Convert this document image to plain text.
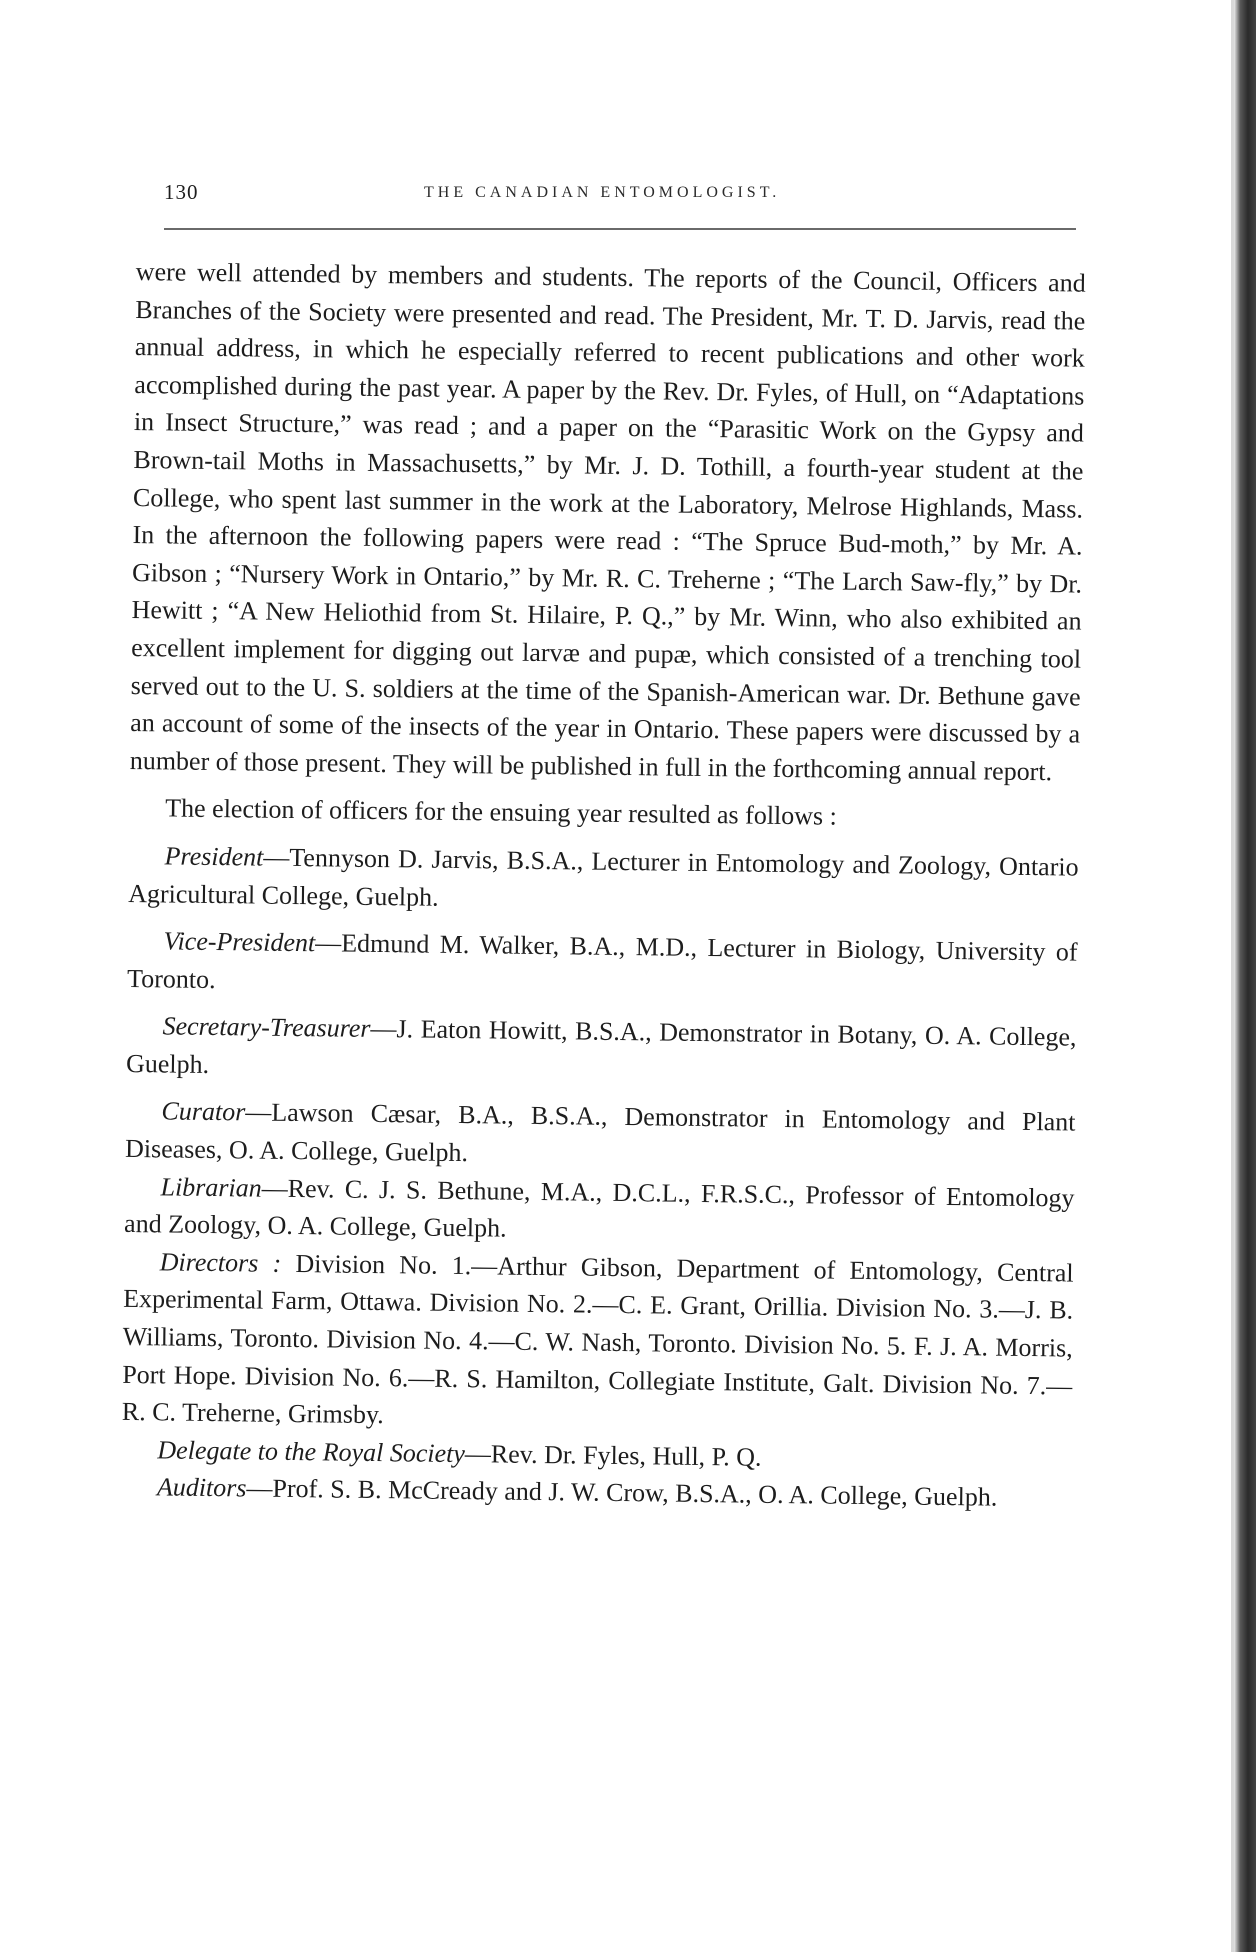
130	THE CANADIAN ENTOMOLOGIST.

were well attended by members and students. The reports of the Council, Officers and Branches of the Society were presented and read. The President, Mr. T. D. Jarvis, read the annual address, in which he especially referred to recent publications and other work accomplished during the past year. A paper by the Rev. Dr. Fyles, of Hull, on “Adaptations in Insect Structure,” was read ; and a paper on the “Parasitic Work on the Gypsy and Brown-tail Moths in Massachusetts,” by Mr. J. D. Tothill, a fourth-year student at the College, who spent last summer in the work at the Laboratory, Melrose Highlands, Mass. In the afternoon the following papers were read : “The Spruce Bud-moth,” by Mr. A. Gibson ; “Nursery Work in Ontario,” by Mr. R. C. Treherne ; “The Larch Saw-fly,” by Dr. Hewitt ; “A New Heliothid from St. Hilaire, P. Q.,” by Mr. Winn, who also exhibited an excellent implement for digging out larvæ and pupæ, which consisted of a trenching tool served out to the U. S. soldiers at the time of the Spanish-American war. Dr. Bethune gave an account of some of the insects of the year in Ontario. These papers were discussed by a number of those present. They will be published in full in the forthcoming annual report.

The election of officers for the ensuing year resulted as follows :

President—Tennyson D. Jarvis, B.S.A., Lecturer in Entomology and Zoology, Ontario Agricultural College, Guelph.

Vice-President—Edmund M. Walker, B.A., M.D., Lecturer in Biology, University of Toronto.

Secretary-Treasurer—J. Eaton Howitt, B.S.A., Demonstrator in Botany, O. A. College, Guelph.

Curator—Lawson Cæsar, B.A., B.S.A., Demonstrator in Entomology and Plant Diseases, O. A. College, Guelph.

Librarian—Rev. C. J. S. Bethune, M.A., D.C.L., F.R.S.C., Professor of Entomology and Zoology, O. A. College, Guelph.

Directors : Division No. 1.—Arthur Gibson, Department of Entomology, Central Experimental Farm, Ottawa. Division No. 2.—C. E. Grant, Orillia. Division No. 3.—J. B. Williams, Toronto. Division No. 4.—C. W. Nash, Toronto. Division No. 5. F. J. A. Morris, Port Hope. Division No. 6.—R. S. Hamilton, Collegiate Institute, Galt. Division No. 7.—R. C. Treherne, Grimsby.

Delegate to the Royal Society—Rev. Dr. Fyles, Hull, P. Q.

Auditors—Prof. S. B. McCready and J. W. Crow, B.S.A., O. A. College, Guelph.
